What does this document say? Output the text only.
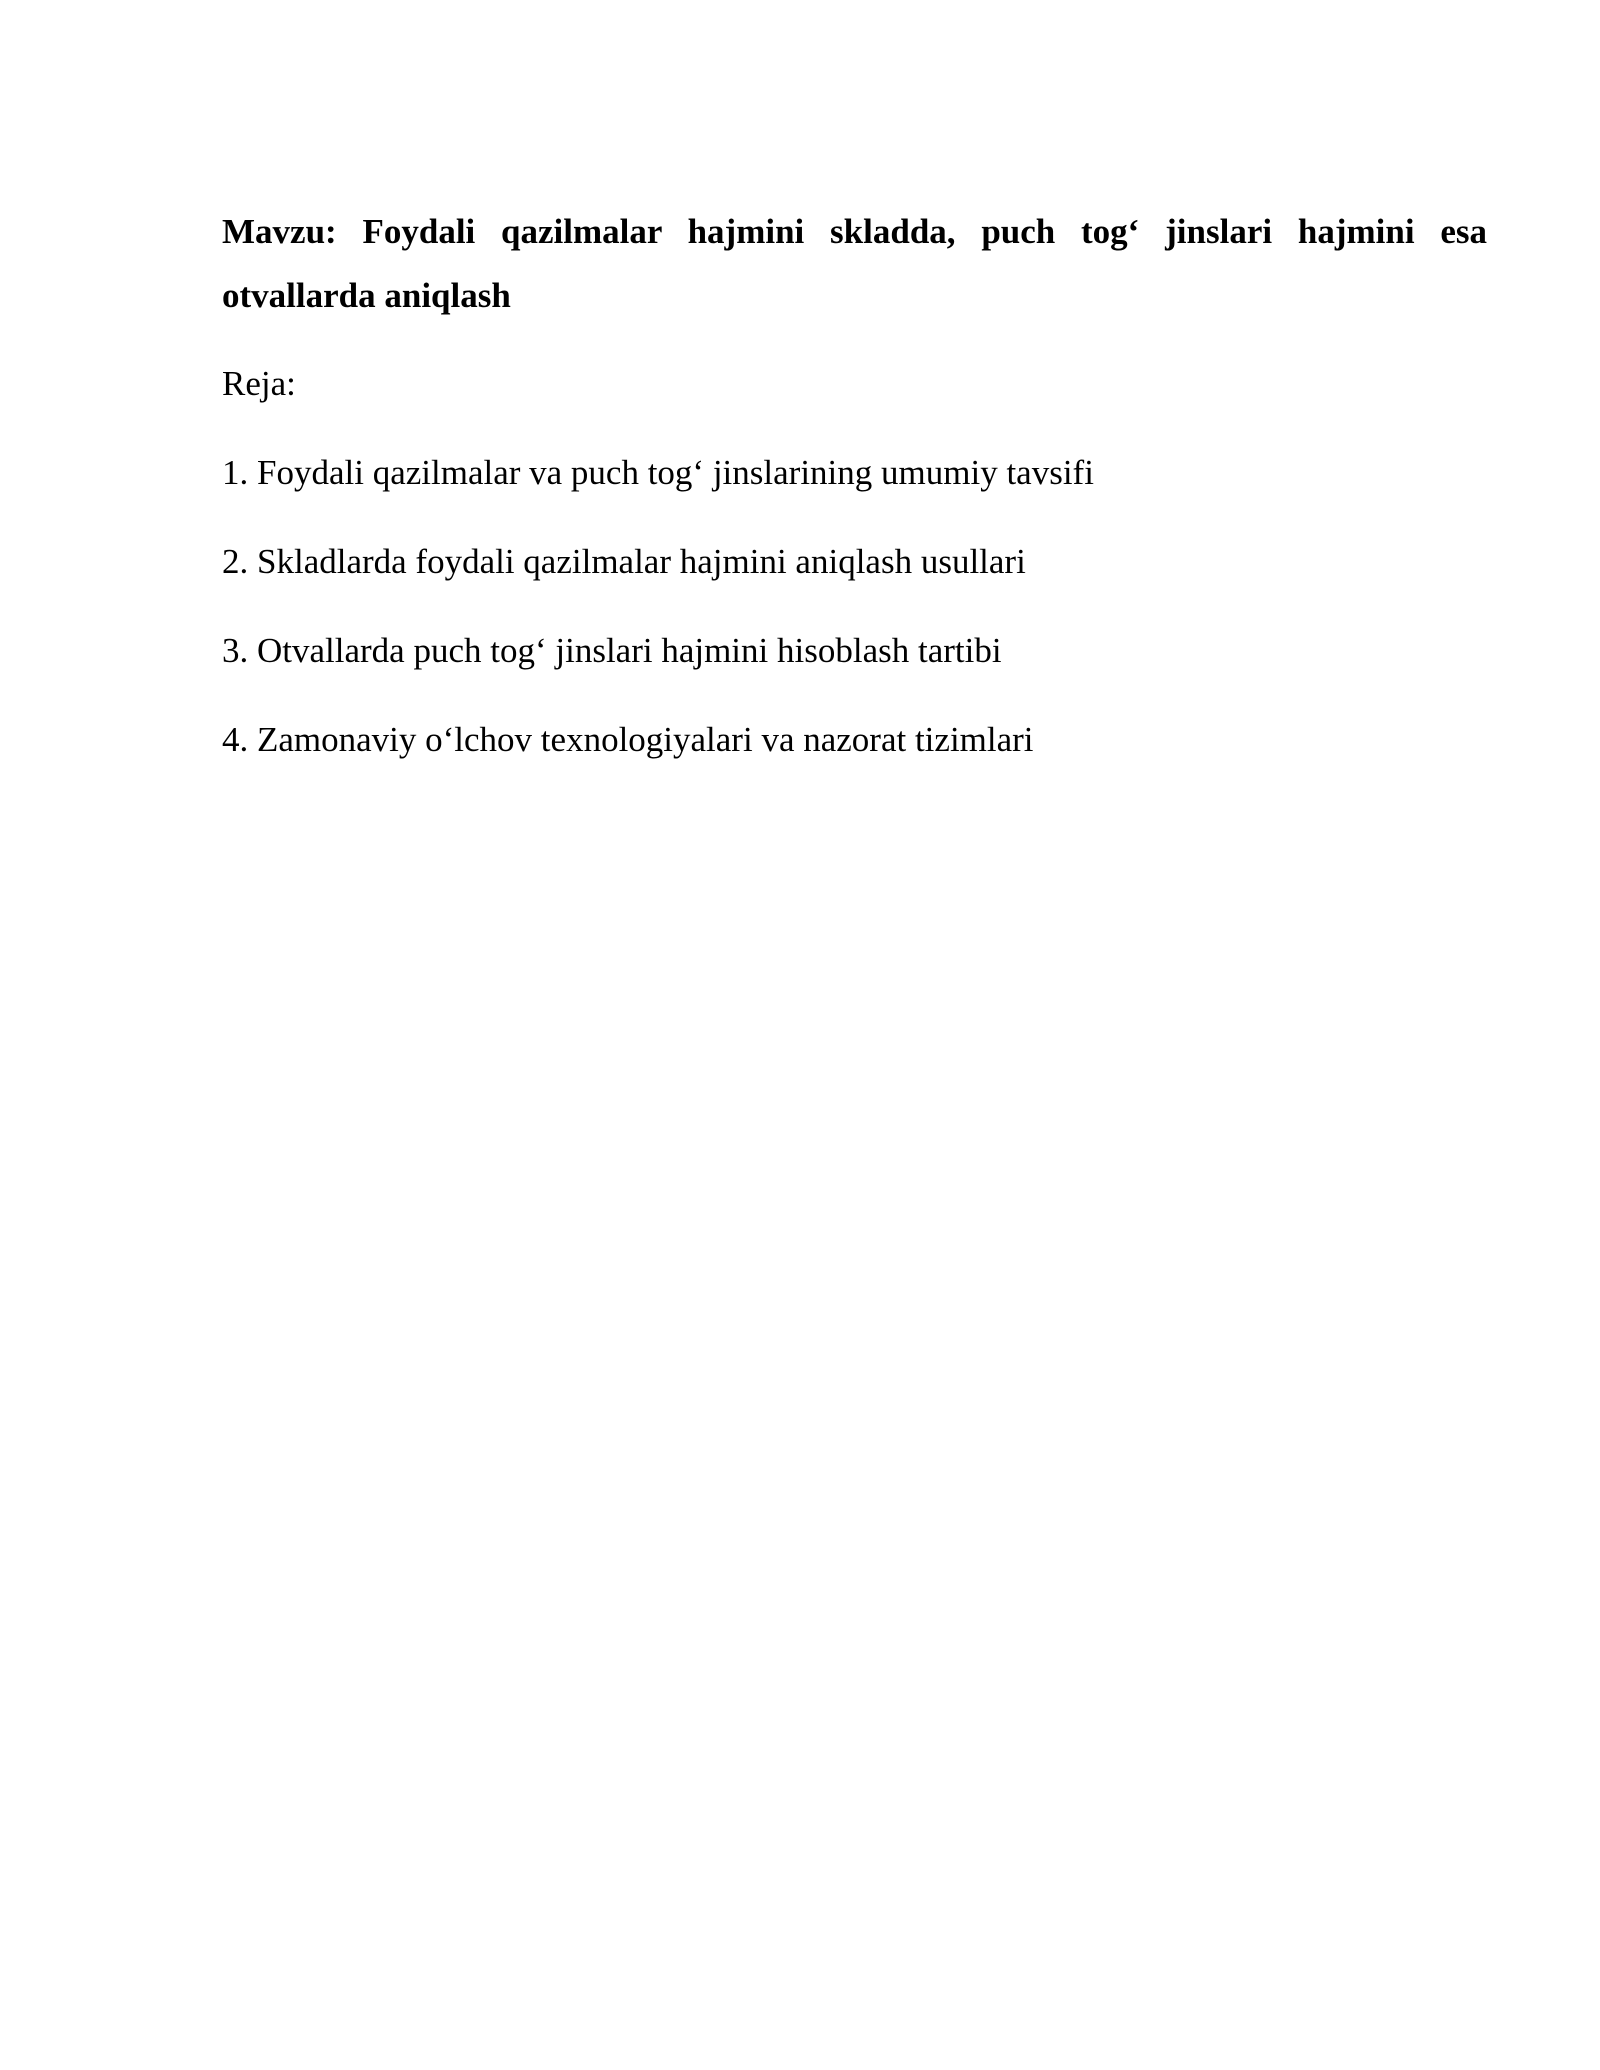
Mavzu: Foydali qazilmalar hajmini skladda, puch tog‘ jinslari hajmini esa otvallarda aniqlash

Reja:

1. Foydali qazilmalar va puch tog‘ jinslarining umumiy tavsifi
2. Skladlarda foydali qazilmalar hajmini aniqlash usullari
3. Otvallarda puch tog‘ jinslari hajmini hisoblash tartibi
4. Zamonaviy o‘lchov texnologiyalari va nazorat tizimlari
